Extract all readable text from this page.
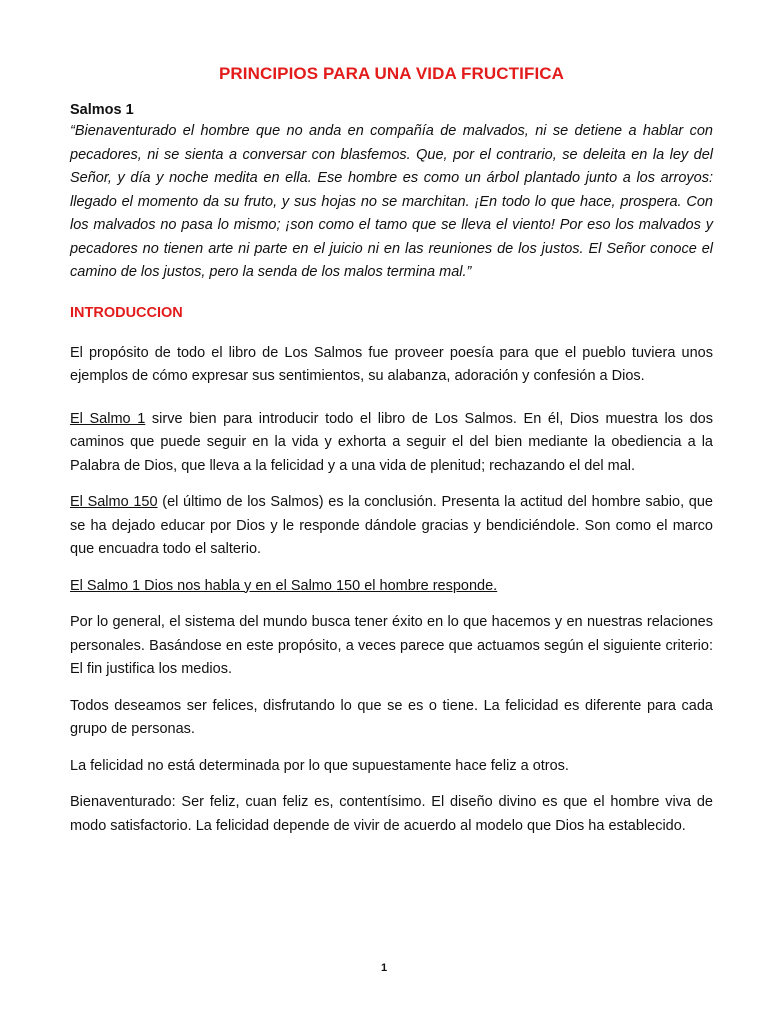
PRINCIPIOS PARA UNA VIDA FRUCTIFICA
Salmos 1
“Bienaventurado el hombre que no anda en compañía de malvados, ni se detiene a hablar con pecadores, ni se sienta a conversar con blasfemos. Que, por el contrario, se deleita en la ley del Señor, y día y noche medita en ella. Ese hombre es como un árbol plantado junto a los arroyos: llegado el momento da su fruto, y sus hojas no se marchitan. ¡En todo lo que hace, prospera. Con los malvados no pasa lo mismo; ¡son como el tamo que se lleva el viento! Por eso los malvados y pecadores no tienen arte ni parte en el juicio ni en las reuniones de los justos. El Señor conoce el camino de los justos, pero la senda de los malos termina mal.”
INTRODUCCION

El propósito de todo el libro de Los Salmos fue proveer poesía para que el pueblo tuviera unos ejemplos de cómo expresar sus sentimientos, su alabanza, adoración y confesión a Dios.

El Salmo 1 sirve bien para introducir todo el libro de Los Salmos. En él, Dios muestra los dos caminos que puede seguir en la vida y exhorta a seguir el del bien mediante la obediencia a la Palabra de Dios, que lleva a la felicidad y a una vida de plenitud; rechazando el del mal.

El Salmo 150 (el último de los Salmos) es la conclusión. Presenta la actitud del hombre sabio, que se ha dejado educar por Dios y le responde dándole gracias y bendiciéndole. Son como el marco que encuadra todo el salterio.

El Salmo 1 Dios nos habla y en el Salmo 150 el hombre responde.

Por lo general, el sistema del mundo busca tener éxito en lo que hacemos y en nuestras relaciones personales. Basándose en este propósito, a veces parece que actuamos según el siguiente criterio: El fin justifica los medios.

Todos deseamos ser felices, disfrutando lo que se es o tiene. La felicidad es diferente para cada grupo de personas.

La felicidad no está determinada por lo que supuestamente hace feliz a otros.

Bienaventurado: Ser feliz, cuan feliz es, contentísimo. El diseño divino es que el hombre viva de modo satisfactorio. La felicidad depende de vivir de acuerdo al modelo que Dios ha establecido.

1
